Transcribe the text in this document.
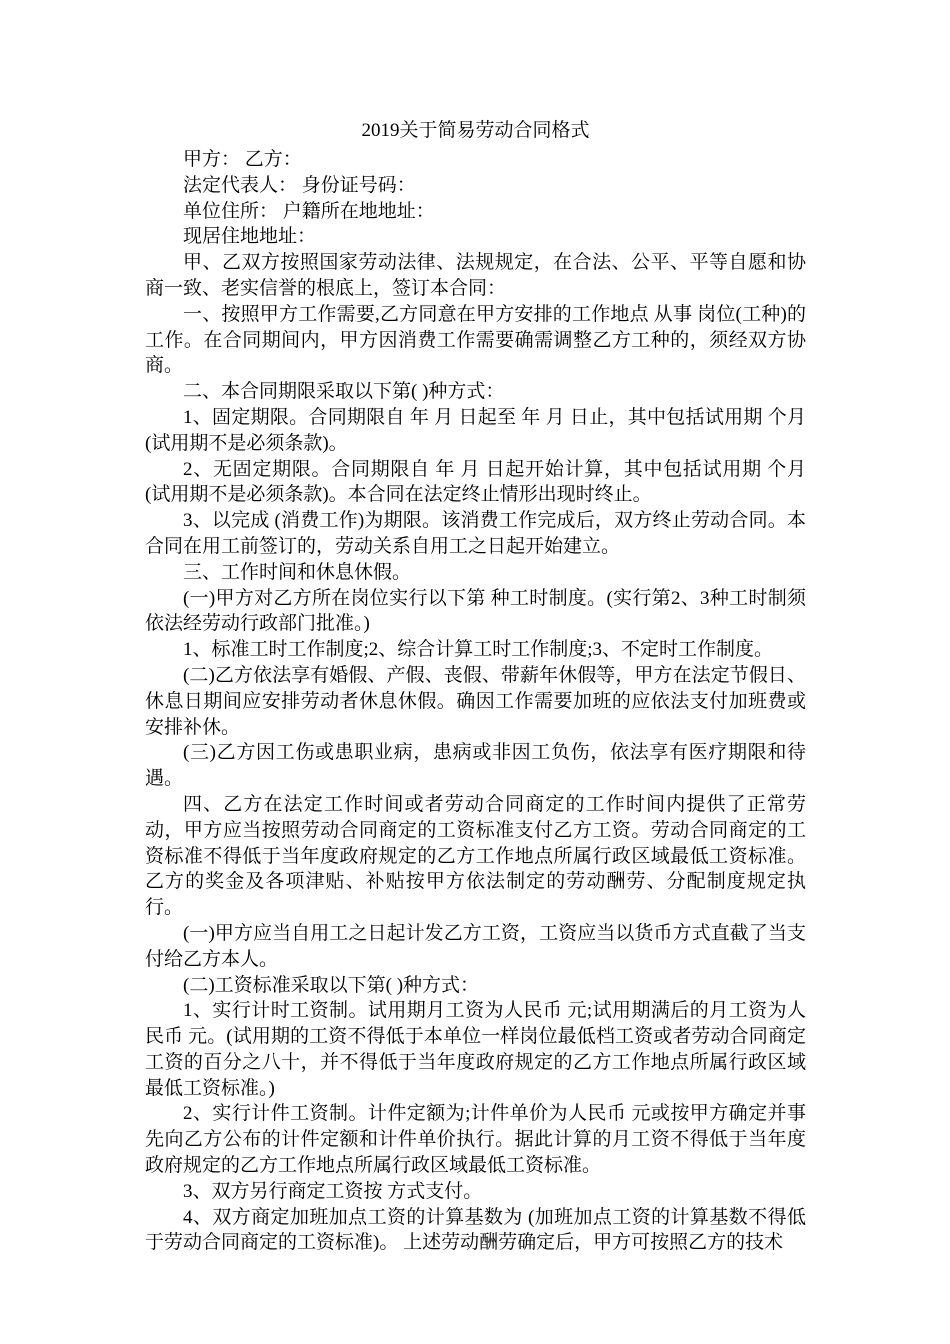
2019关于简易劳动合同格式

甲方： 乙方：

法定代表人： 身份证号码：

单位住所： 户籍所在地地址：

现居住地地址：

甲、乙双方按照国家劳动法律、法规规定，在合法、公平、平等自愿和协商一致、老实信誉的根底上，签订本合同：

一、按照甲方工作需要,乙方同意在甲方安排的工作地点 从事 岗位(工种)的工作。在合同期间内，甲方因消费工作需要确需调整乙方工种的，须经双方协商。

二、本合同期限采取以下第( )种方式：

1、固定期限。合同期限自 年 月 日起至 年 月 日止，其中包括试用期 个月(试用期不是必须条款)。

2、无固定期限。合同期限自 年 月 日起开始计算，其中包括试用期 个月(试用期不是必须条款)。本合同在法定终止情形出现时终止。

3、以完成 (消费工作)为期限。该消费工作完成后，双方终止劳动合同。本合同在用工前签订的，劳动关系自用工之日起开始建立。

三、工作时间和休息休假。

(一)甲方对乙方所在岗位实行以下第 种工时制度。(实行第2、3种工时制须依法经劳动行政部门批准。)

1、标准工时工作制度;2、综合计算工时工作制度;3、不定时工作制度。

(二)乙方依法享有婚假、产假、丧假、带薪年休假等，甲方在法定节假日、休息日期间应安排劳动者休息休假。确因工作需要加班的应依法支付加班费或安排补休。

(三)乙方因工伤或患职业病，患病或非因工负伤，依法享有医疗期限和待遇。

四、乙方在法定工作时间或者劳动合同商定的工作时间内提供了正常劳动，甲方应当按照劳动合同商定的工资标准支付乙方工资。劳动合同商定的工资标准不得低于当年度政府规定的乙方工作地点所属行政区域最低工资标准。乙方的奖金及各项津贴、补贴按甲方依法制定的劳动酬劳、分配制度规定执行。

(一)甲方应当自用工之日起计发乙方工资，工资应当以货币方式直截了当支付给乙方本人。

(二)工资标准采取以下第( )种方式：

1、实行计时工资制。试用期月工资为人民币 元;试用期满后的月工资为人民币 元。(试用期的工资不得低于本单位一样岗位最低档工资或者劳动合同商定工资的百分之八十，并不得低于当年度政府规定的乙方工作地点所属行政区域最低工资标准。)

2、实行计件工资制。计件定额为;计件单价为人民币 元或按甲方确定并事先向乙方公布的计件定额和计件单价执行。据此计算的月工资不得低于当年度政府规定的乙方工作地点所属行政区域最低工资标准。

3、双方另行商定工资按 方式支付。

4、双方商定加班加点工资的计算基数为 (加班加点工资的计算基数不得低于劳动合同商定的工资标准)。 上述劳动酬劳确定后，甲方可按照乙方的技术
